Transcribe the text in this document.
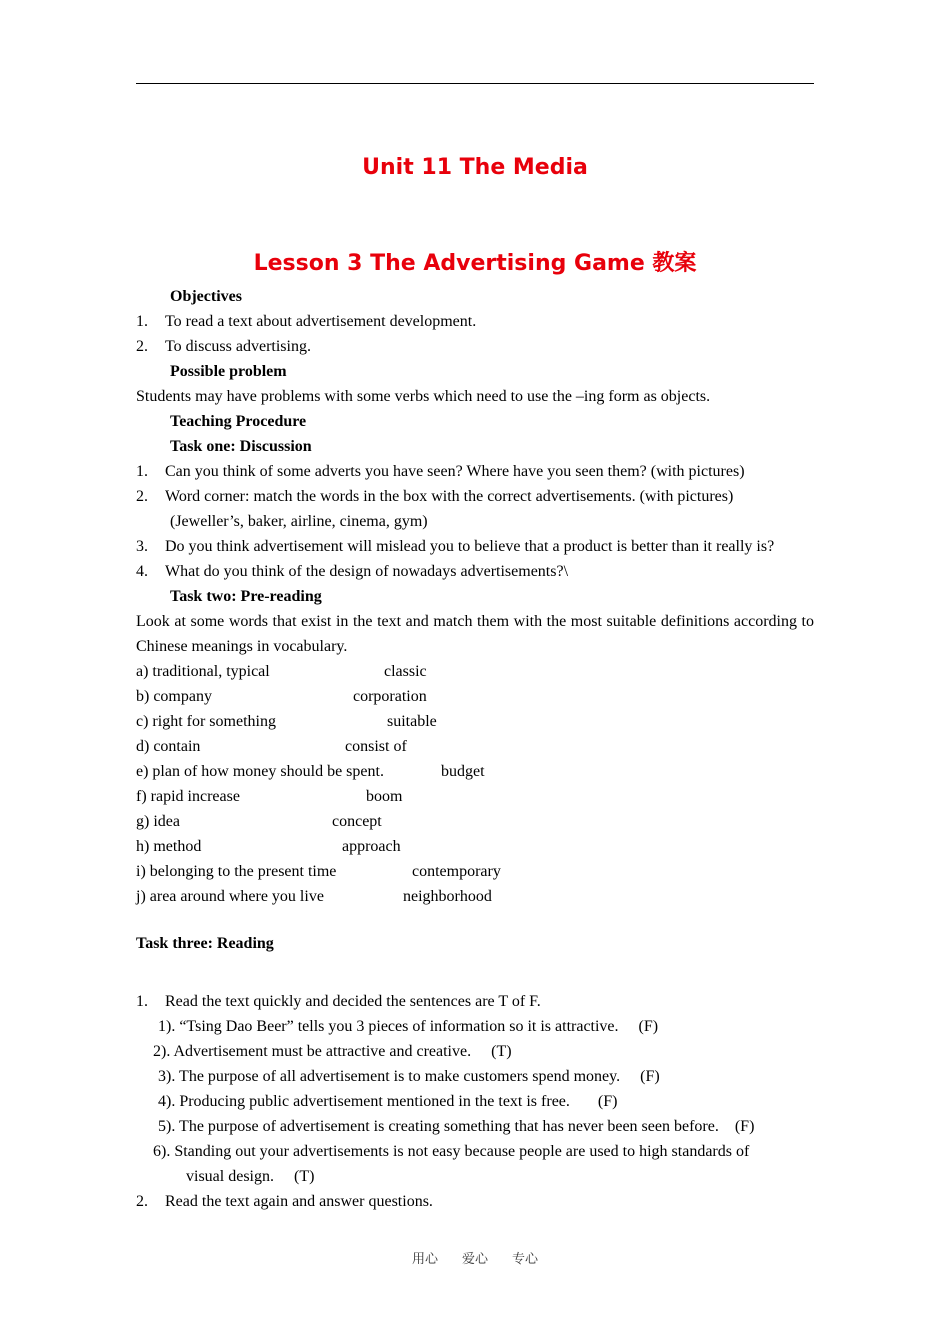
Unit 11 The Media
Lesson 3 The Advertising Game 教案
Objectives
1. To read a text about advertisement development.
2. To discuss advertising.
Possible problem
Students may have problems with some verbs which need to use the –ing form as objects.
Teaching Procedure
Task one: Discussion
1. Can you think of some adverts you have seen? Where have you seen them? (with pictures)
2. Word corner: match the words in the box with the correct advertisements. (with pictures)
(Jeweller’s, baker, airline, cinema, gym)
3. Do you think advertisement will mislead you to believe that a product is better than it really is?
4. What do you think of the design of nowadays advertisements?\
Task two: Pre-reading
Look at some words that exist in the text and match them with the most suitable definitions according to Chinese meanings in vocabulary.
a) traditional, typical	classic
b) company	corporation
c) right for something	suitable
d) contain	consist of
e) plan of how money should be spent.	budget
f) rapid increase	boom
g) idea	concept
h) method	approach
i) belonging to the present time	contemporary
j) area around where you live	neighborhood
Task three: Reading
1. Read the text quickly and decided the sentences are T of F.
1). “Tsing Dao Beer” tells you 3 pieces of information so it is attractive. (F)
2). Advertisement must be attractive and creative. (T)
3). The purpose of all advertisement is to make customers spend money. (F)
4). Producing public advertisement mentioned in the text is free. (F)
5). The purpose of advertisement is creating something that has never been seen before. (F)
6). Standing out your advertisements is not easy because people are used to high standards of
visual design. (T)
2. Read the text again and answer questions.
用心 爱心 专心
